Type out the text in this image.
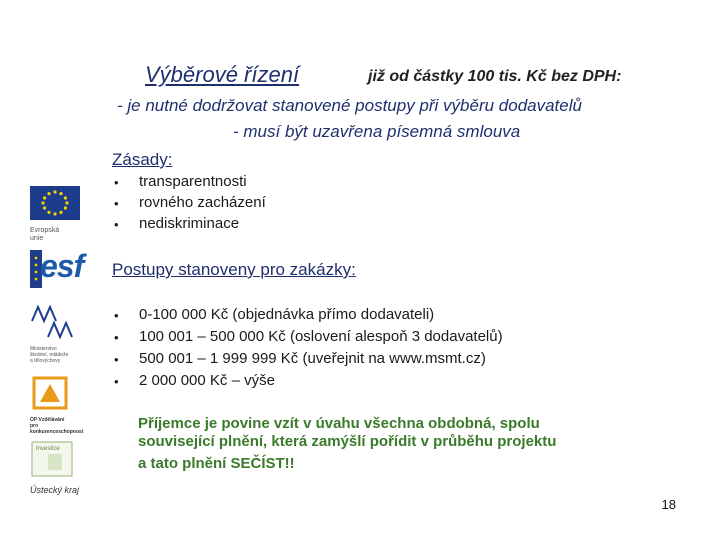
Evropská unie
esf
Ministerstvo
školství, mládeže
a tělovýchovy
OP Vzdělávání
pro konkurenceschopnost
Investice
Ústecký kraj
Výběrové řízení	již od částky 100 tis. Kč bez DPH:
- je nutné dodržovat stanovené postupy při výběru dodavatelů
- musí být uzavřena písemná smlouva
Zásady:
• transparentnosti
• rovného zacházení
• nediskriminace
Postupy stanoveny pro zakázky:
• 0-100 000 Kč (objednávka přímo dodavateli)
• 100 001 – 500 000 Kč (oslovení alespoň 3 dodavatelů)
• 500 001 – 1 999 999 Kč (uveřejnit na www.msmt.cz)
• 2 000 000 Kč – výše
Příjemce je povine vzít v úvahu všechna obdobná, spolu
související plnění, která zamýšlí pořídit v průběhu projektu
a tato plnění SEČÍST!!
18
